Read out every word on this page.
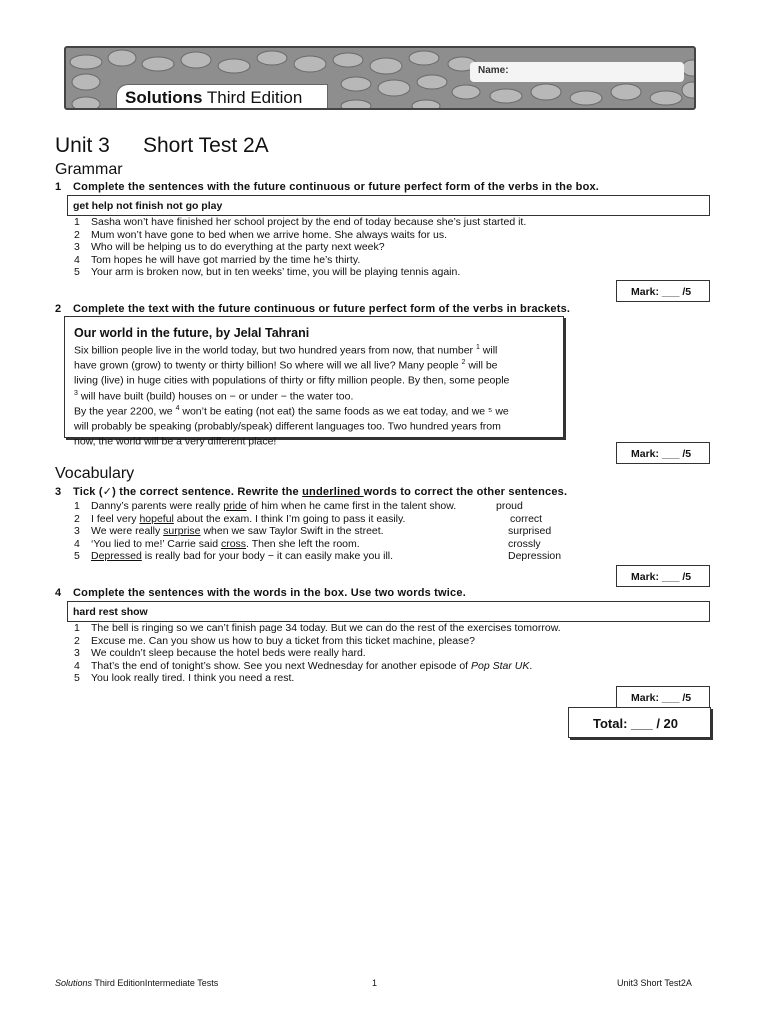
Solutions Third Edition
Name:
Unit 3 Short Test 2A
Grammar
1 Complete the sentences with the future continuous or future perfect form of the verbs in the box.
get help not finish not go play
1 Sasha won’t have finished her school project by the end of today because she’s just started it.
2 Mum won’t have gone to bed when we arrive home. She always waits for us.
3 Who will be helping us to do everything at the party next week?
4 Tom hopes he will have got married by the time he’s thirty.
5 Your arm is broken now, but in ten weeks’ time, you will be playing tennis again.
Mark: ___ /5
2 Complete the text with the future continuous or future perfect form of the verbs in brackets.
Our world in the future, by Jelal Tahrani
Six billion people live in the world today, but two hundred years from now, that number $^1$ will
have grown (grow) to twenty or thirty billion! So where will we all live? Many people $^2$ will be
living (live) in huge cities with populations of thirty or fifty million people. By then, some people
$^3$ will have built (build) houses on − or under − the water too.
By the year 2200, we $^4$ won’t be eating (not eat) the same foods as we eat today, and we ⁵ we
will probably be speaking (probably/speak) different languages too. Two hundred years from
now, the world will be a very different place!
Mark: ___ /5
Vocabulary
3 Tick (✓) the correct sentence. Rewrite the underlined words to correct the other sentences.
1 Danny’s parents were really pride of him when he came first in the talent show.	proud
2 I feel very hopeful about the exam. I think I’m going to pass it easily.	correct
3 We were really surprise when we saw Taylor Swift in the street.	surprised
4 ‘You lied to me!’ Carrie said cross. Then she left the room.	crossly
5 Depressed is really bad for your body − it can easily make you ill.	Depression
Mark: ___ /5
4 Complete the sentences with the words in the box. Use two words twice.
hard rest show
1 The bell is ringing so we can’t finish page 34 today. But we can do the rest of the exercises tomorrow.
2 Excuse me. Can you show us how to buy a ticket from this ticket machine, please?
3 We couldn’t sleep because the hotel beds were really hard.
4 That’s the end of tonight’s show. See you next Wednesday for another episode of Pop Star UK.
5 You look really tired. I think you need a rest.
Mark: ___ /5
Total: ___ / 20
Solutions Third EditionIntermediate Tests	1	Unit3 Short Test2A
